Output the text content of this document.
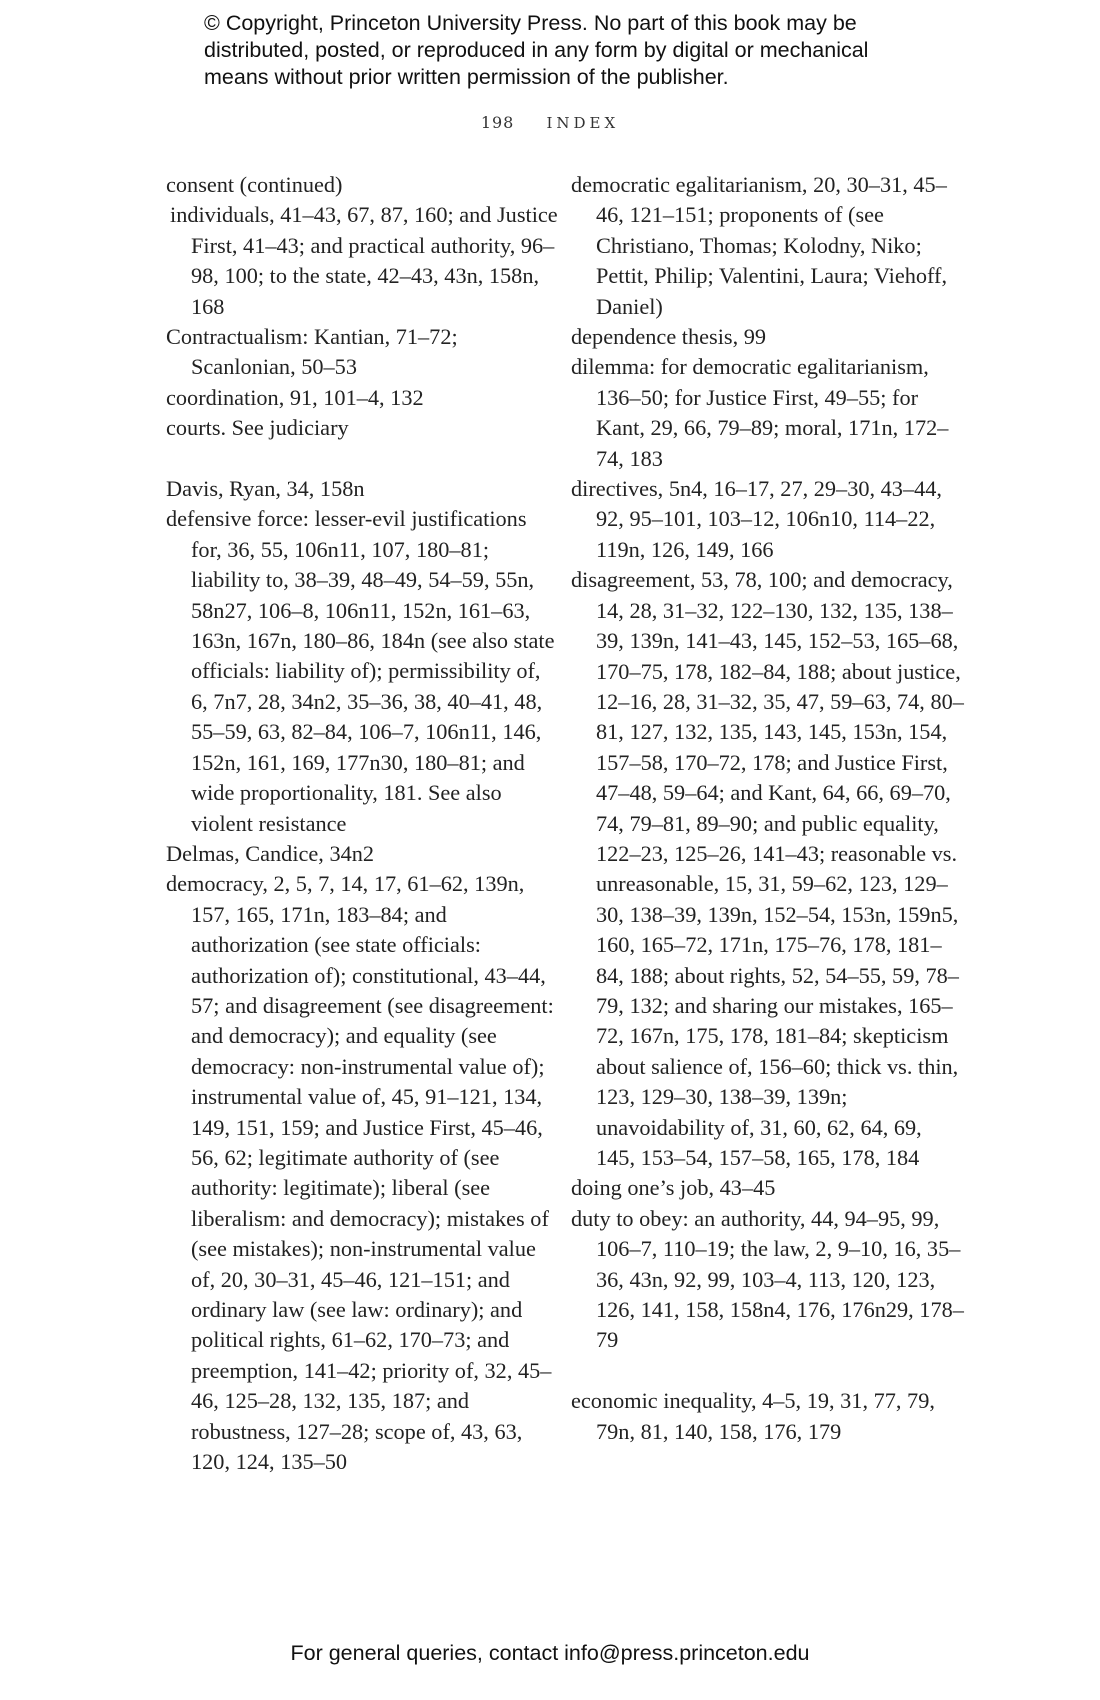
© Copyright, Princeton University Press. No part of this book may be distributed, posted, or reproduced in any form by digital or mechanical means without prior written permission of the publisher.
198 INDEX
consent (continued)
individuals, 41–43, 67, 87, 160; and Justice First, 41–43; and practical authority, 96–98, 100; to the state, 42–43, 43n, 158n, 168
Contractualism: Kantian, 71–72; Scanlonian, 50–53
coordination, 91, 101–4, 132
courts. See judiciary
Davis, Ryan, 34, 158n
defensive force: lesser-evil justifications for, 36, 55, 106n11, 107, 180–81; liability to, 38–39, 48–49, 54–59, 55n, 58n27, 106–8, 106n11, 152n, 161–63, 163n, 167n, 180–86, 184n (see also state officials: liability of); permissibility of, 6, 7n7, 28, 34n2, 35–36, 38, 40–41, 48, 55–59, 63, 82–84, 106–7, 106n11, 146, 152n, 161, 169, 177n30, 180–81; and wide proportionality, 181. See also violent resistance
Delmas, Candice, 34n2
democracy, 2, 5, 7, 14, 17, 61–62, 139n, 157, 165, 171n, 183–84; and authorization (see state officials: authorization of); constitutional, 43–44, 57; and disagreement (see disagreement: and democracy); and equality (see democracy: non-instrumental value of); instrumental value of, 45, 91–121, 134, 149, 151, 159; and Justice First, 45–46, 56, 62; legitimate authority of (see authority: legitimate); liberal (see liberalism: and democracy); mistakes of (see mistakes); non-instrumental value of, 20, 30–31, 45–46, 121–151; and ordinary law (see law: ordinary); and political rights, 61–62, 170–73; and preemption, 141–42; priority of, 32, 45–46, 125–28, 132, 135, 187; and robustness, 127–28; scope of, 43, 63, 120, 124, 135–50
democratic egalitarianism, 20, 30–31, 45–46, 121–151; proponents of (see Christiano, Thomas; Kolodny, Niko; Pettit, Philip; Valentini, Laura; Viehoff, Daniel)
dependence thesis, 99
dilemma: for democratic egalitarianism, 136–50; for Justice First, 49–55; for Kant, 29, 66, 79–89; moral, 171n, 172–74, 183
directives, 5n4, 16–17, 27, 29–30, 43–44, 92, 95–101, 103–12, 106n10, 114–22, 119n, 126, 149, 166
disagreement, 53, 78, 100; and democracy, 14, 28, 31–32, 122–130, 132, 135, 138–39, 139n, 141–43, 145, 152–53, 165–68, 170–75, 178, 182–84, 188; about justice, 12–16, 28, 31–32, 35, 47, 59–63, 74, 80–81, 127, 132, 135, 143, 145, 153n, 154, 157–58, 170–72, 178; and Justice First, 47–48, 59–64; and Kant, 64, 66, 69–70, 74, 79–81, 89–90; and public equality, 122–23, 125–26, 141–43; reasonable vs. unreasonable, 15, 31, 59–62, 123, 129–30, 138–39, 139n, 152–54, 153n, 159n5, 160, 165–72, 171n, 175–76, 178, 181–84, 188; about rights, 52, 54–55, 59, 78–79, 132; and sharing our mistakes, 165–72, 167n, 175, 178, 181–84; skepticism about salience of, 156–60; thick vs. thin, 123, 129–30, 138–39, 139n; unavoidability of, 31, 60, 62, 64, 69, 145, 153–54, 157–58, 165, 178, 184
doing one’s job, 43–45
duty to obey: an authority, 44, 94–95, 99, 106–7, 110–19; the law, 2, 9–10, 16, 35–36, 43n, 92, 99, 103–4, 113, 120, 123, 126, 141, 158, 158n4, 176, 176n29, 178–79
economic inequality, 4–5, 19, 31, 77, 79, 79n, 81, 140, 158, 176, 179
For general queries, contact info@press.princeton.edu
